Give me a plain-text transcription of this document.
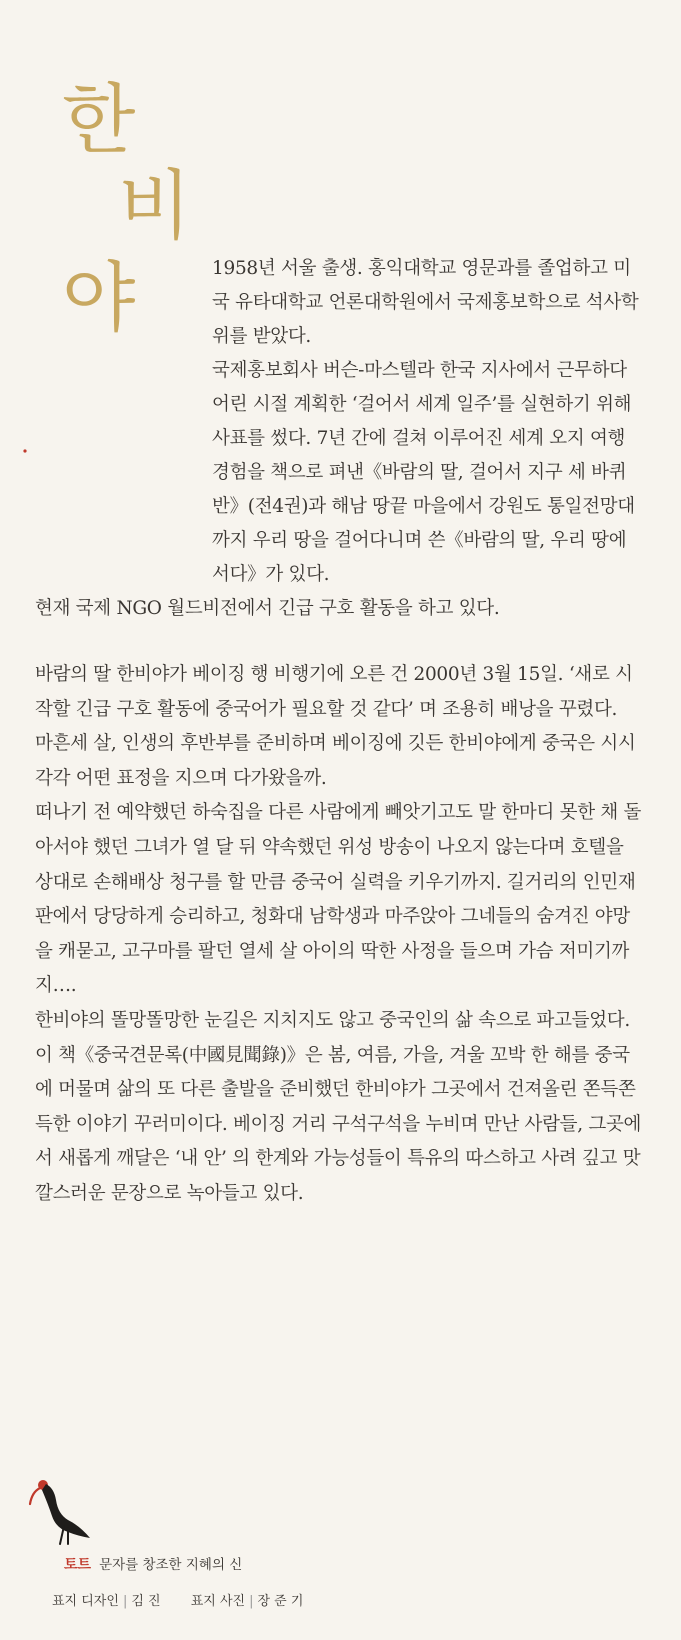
한
비
야	1958년 서울 출생. 홍익대학교 영문과를 졸업하고 미국 유타대학교 언론대학원에서 국제홍보학으로 석사학위를 받았다.

국제홍보회사 버슨-마스텔라 한국 지사에서 근무하다 어린 시절 계획한 ‘걸어서 세계 일주’를 실현하기 위해 사표를 썼다. 7년 간에 걸쳐 이루어진 세계 오지 여행 경험을 책으로 펴낸《바람의 딸, 걸어서 지구 세 바퀴 반》(전4권)과 해남 땅끝 마을에서 강원도 통일전망대까지 우리 땅을 걸어다니며 쓴《바람의 딸, 우리 땅에 서다》가 있다.

현재 국제 NGO 월드비전에서 긴급 구호 활동을 하고 있다.

바람의 딸 한비야가 베이징 행 비행기에 오른 건 2000년 3월 15일. ‘새로 시작할 긴급 구호 활동에 중국어가 필요할 것 같다’ 며 조용히 배낭을 꾸렸다.

마흔세 살, 인생의 후반부를 준비하며 베이징에 깃든 한비야에게 중국은 시시각각 어떤 표정을 지으며 다가왔을까.

떠나기 전 예약했던 하숙집을 다른 사람에게 빼앗기고도 말 한마디 못한 채 돌아서야 했던 그녀가 열 달 뒤 약속했던 위성 방송이 나오지 않는다며 호텔을 상대로 손해배상 청구를 할 만큼 중국어 실력을 키우기까지. 길거리의 인민재판에서 당당하게 승리하고, 청화대 남학생과 마주앉아 그네들의 숨겨진 야망을 캐묻고, 고구마를 팔던 열세 살 아이의 딱한 사정을 들으며 가슴 저미기까지….

한비야의 똘망똘망한 눈길은 지치지도 않고 중국인의 삶 속으로 파고들었다.

이 책《중국견문록(中國見聞錄)》은 봄, 여름, 가을, 겨울 꼬박 한 해를 중국에 머물며 삶의 또 다른 출발을 준비했던 한비야가 그곳에서 건져올린 쫀득쫀득한 이야기 꾸러미이다. 베이징 거리 구석구석을 누비며 만난 사람들, 그곳에서 새롭게 깨달은 ‘내 안’ 의 한계와 가능성들이 특유의 따스하고 사려 깊고 맛깔스러운 문장으로 녹아들고 있다.

토트 문자를 창조한 지혜의 신
표지 디자인 | 김 진 표지 사진 | 장 준 기
